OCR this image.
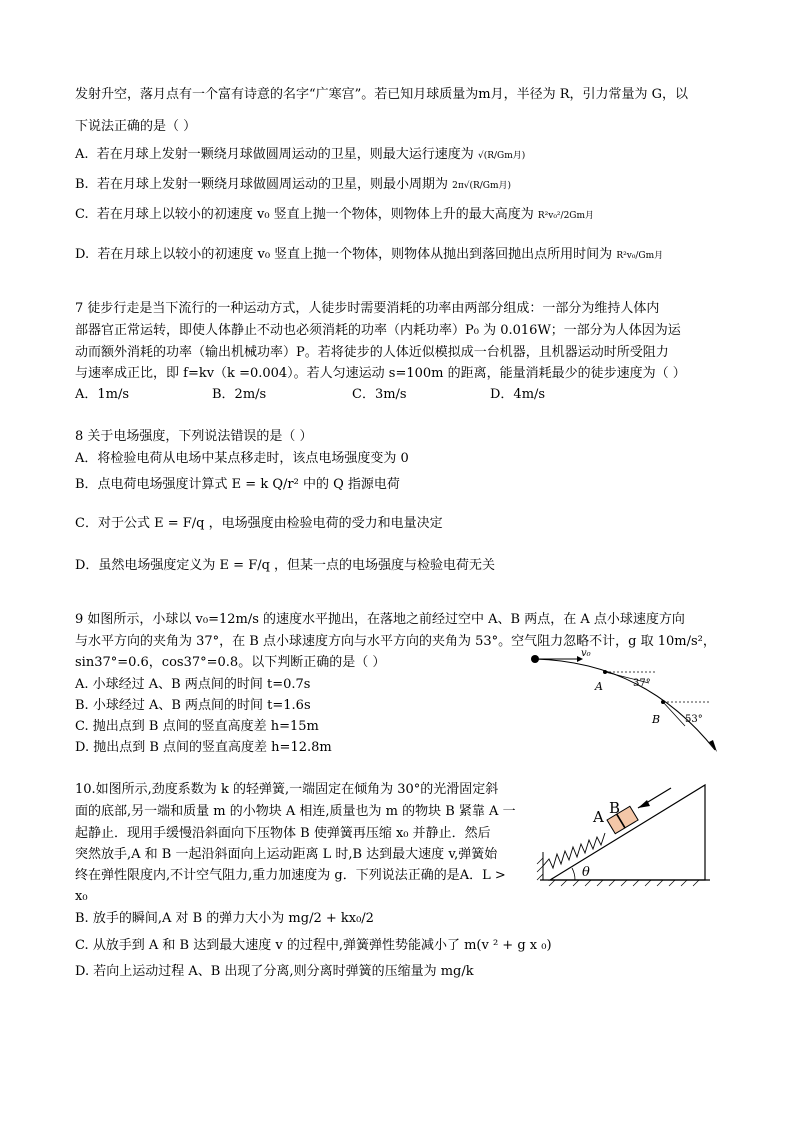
发射升空，落月点有一个富有诗意的名字“广寒宫”。若已知月球质量为m月，半径为 R，引力常量为 G，以
下说法正确的是（ ）
A. 若在月球上发射一颗绕月球做圆周运动的卫星，则最大运行速度为 √(R/Gm月)
B. 若在月球上发射一颗绕月球做圆周运动的卫星，则最小周期为 2π√(R/Gm月)
C. 若在月球上以较小的初速度 v₀ 竖直上抛一个物体，则物体上升的最大高度为 R²v₀²/2Gm月
D. 若在月球上以较小的初速度 v₀ 竖直上抛一个物体，则物体从抛出到落回抛出点所用时间为 R²v₀/Gm月
7 徒步行走是当下流行的一种运动方式，人徒步时需要消耗的功率由两部分组成：一部分为维持人体内
部器官正常运转，即使人体静止不动也必须消耗的功率（内耗功率）P₀ 为 0.016W；一部分为人体因为运
动而额外消耗的功率（输出机械功率）P。若将徒步的人体近似模拟成一台机器，且机器运动时所受阻力
与速率成正比，即 f=kv（k =0.004）。若人匀速运动 s=100m 的距离，能量消耗最少的徒步速度为（ ）
A．1m/s	B．2m/s	C．3m/s	D．4m/s
8 关于电场强度，下列说法错误的是（ ）
A．将检验电荷从电场中某点移走时，该点电场强度变为 0
B．点电荷电场强度计算式 E = k Q/r² 中的 Q 指源电荷
C．对于公式 E = F/q ，电场强度由检验电荷的受力和电量决定
D．虽然电场强度定义为 E = F/q ，但某一点的电场强度与检验电荷无关
9 如图所示，小球以 v₀=12m/s 的速度水平抛出，在落地之前经过空中 A、B 两点，在 A 点小球速度方向
与水平方向的夹角为 37°，在 B 点小球速度方向与水平方向的夹角为 53°。空气阻力忽略不计，g 取 10m/s²，
sin37°=0.6，cos37°=0.8。以下判断正确的是（ ）
A. 小球经过 A、B 两点间的时间 t=0.7s
B. 小球经过 A、B 两点间的时间 t=1.6s
C. 抛出点到 B 点间的竖直高度差 h=15m
D. 抛出点到 B 点间的竖直高度差 h=12.8m
v₀
A	37°
B 53°
10.如图所示,劲度系数为 k 的轻弹簧,一端固定在倾角为 30°的光滑固定斜
面的底部,另一端和质量 m 的小物块 A 相连,质量也为 m 的物块 B 紧靠 A 一
起静止．现用手缓慢沿斜面向下压物体 B 使弹簧再压缩 x₀ 并静止．然后
突然放手,A 和 B 一起沿斜面向上运动距离 L 时,B 达到最大速度 v,弹簧始
终在弹性限度内,不计空气阻力,重力加速度为 g．下列说法正确的是A．L >
x₀
B. 放手的瞬间,A 对 B 的弹力大小为 mg/2 + kx₀/2
C. 从放手到 A 和 B 达到最大速度 v 的过程中,弹簧弹性势能减小了 m(v ² + g x ₀)
D. 若向上运动过程 A、B 出现了分离,则分离时弹簧的压缩量为 mg/k
A B
θ
